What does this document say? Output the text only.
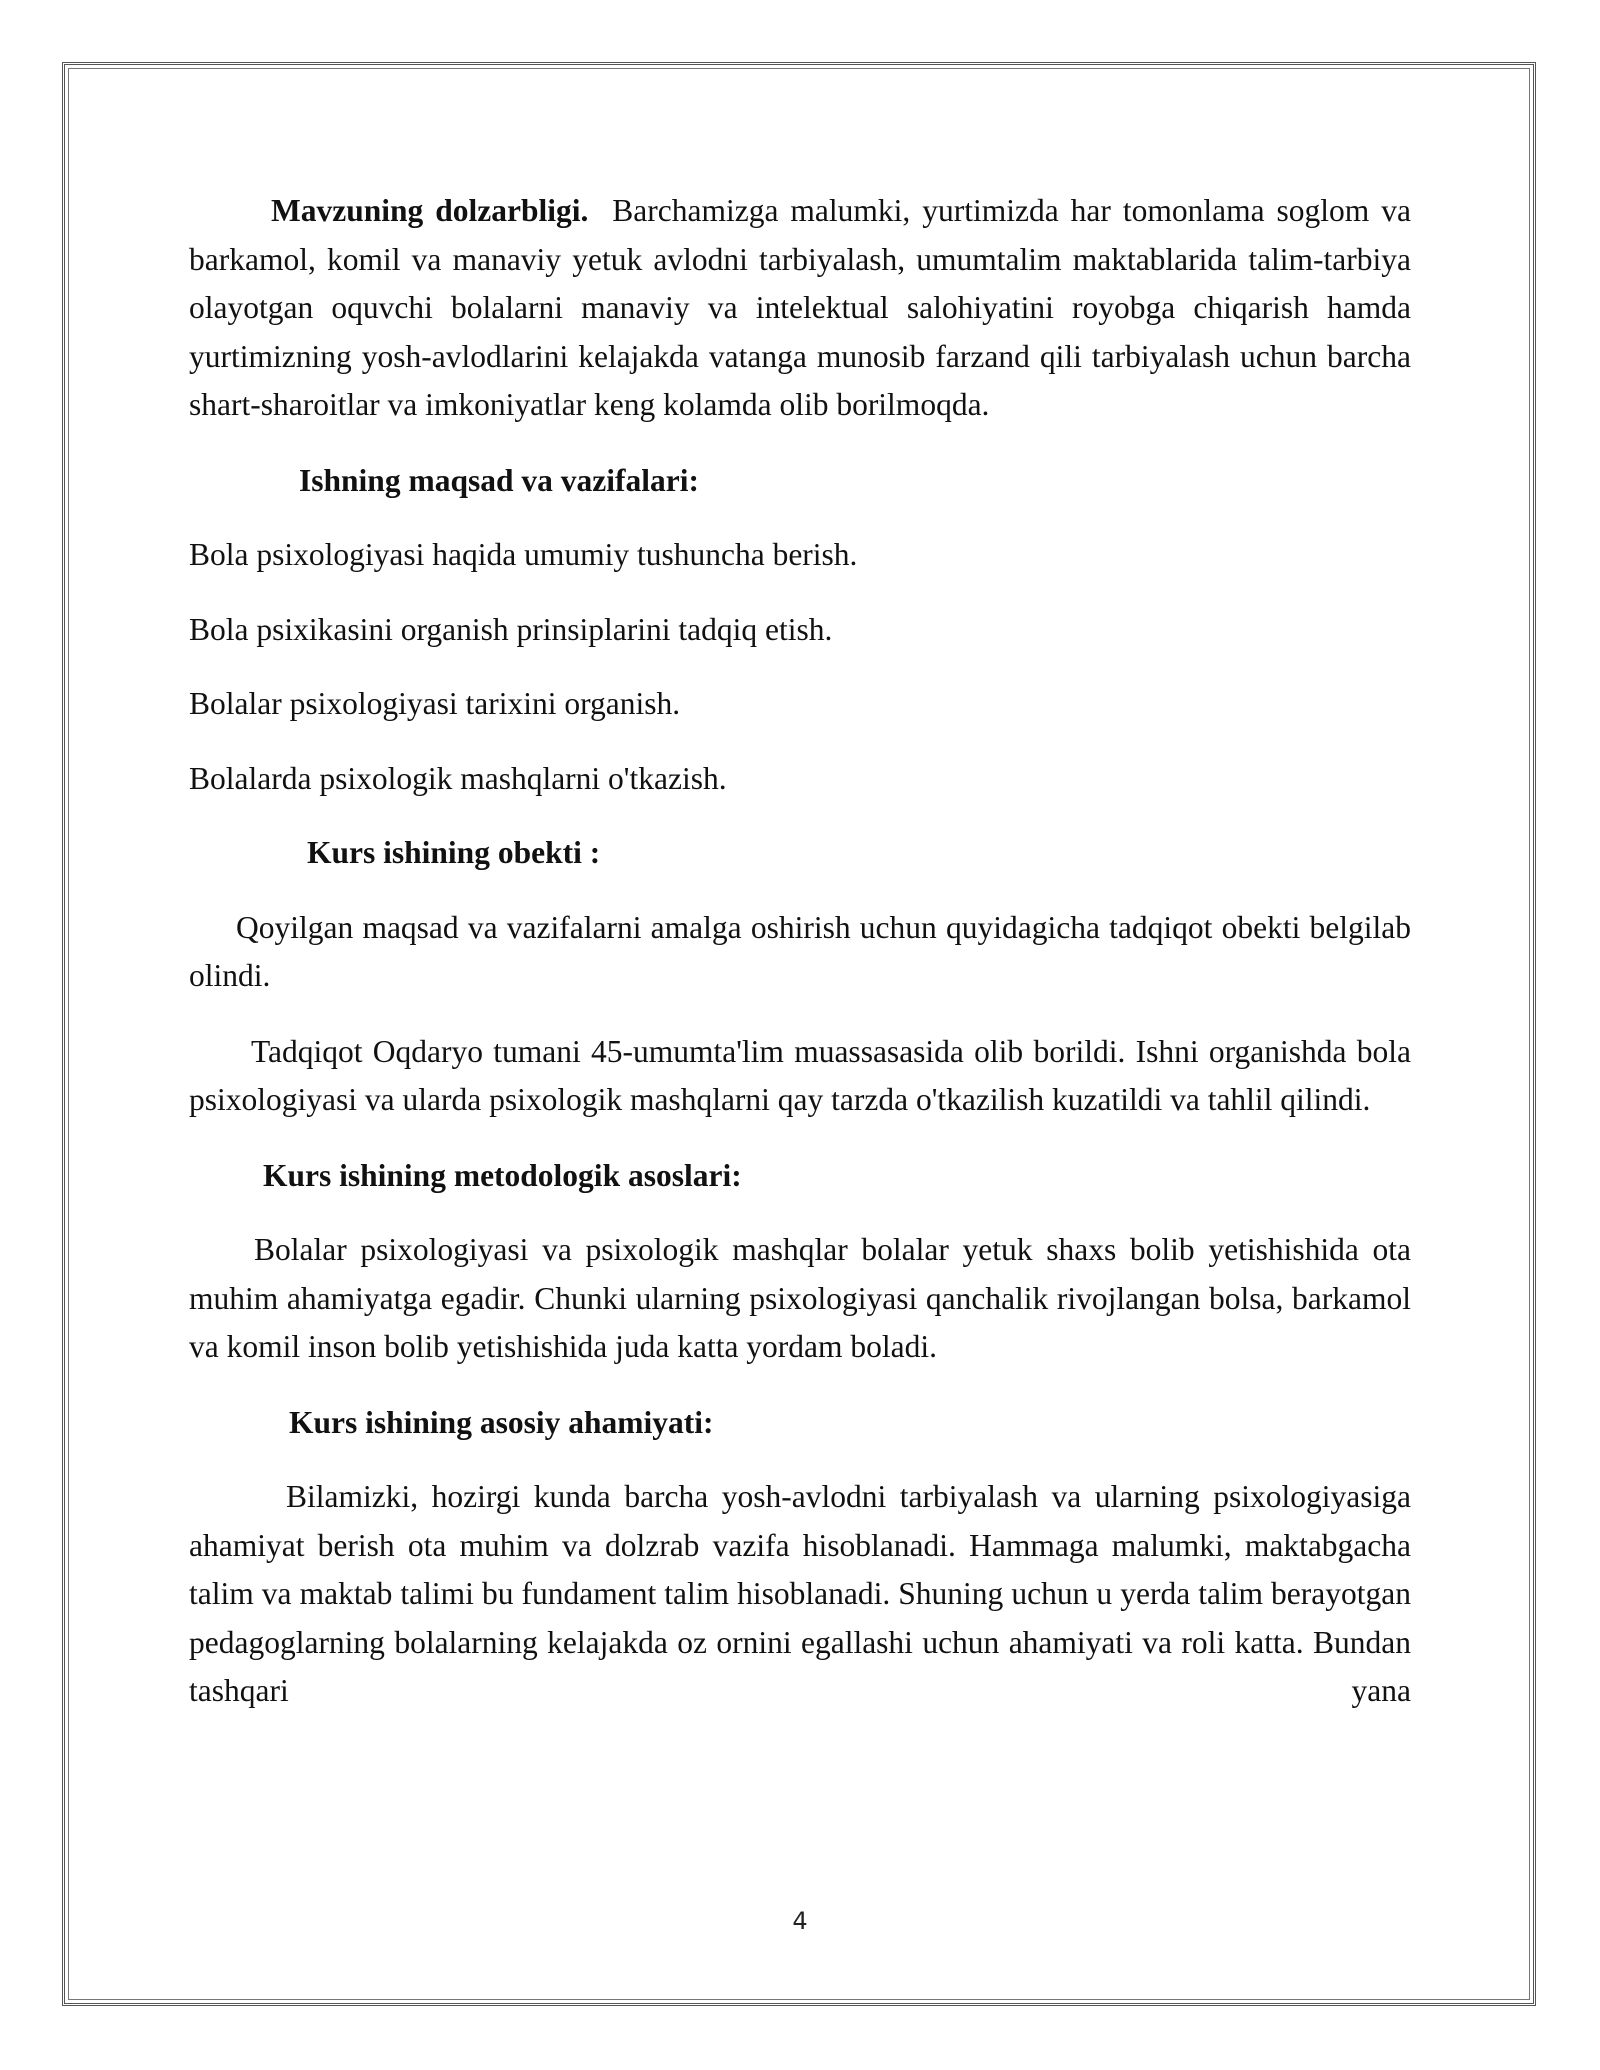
Mavzuning dolzarbligi.  Barchamizga malumki, yurtimizda har tomonlama soglom va barkamol, komil va manaviy yetuk avlodni tarbiyalash, umumtalim maktablarida talim-tarbiya olayotgan oquvchi bolalarni manaviy va intelektual salohiyatini royobga chiqarish hamda yurtimizning yosh-avlodlarini kelajakda vatanga munosib farzand qili tarbiyalash uchun barcha shart-sharoitlar va imkoniyatlar keng kolamda olib borilmoqda.

Ishning maqsad va vazifalari:

Bola psixologiyasi haqida umumiy tushuncha berish.

Bola psixikasini organish prinsiplarini tadqiq etish.

Bolalar psixologiyasi tarixini organish.

Bolalarda psixologik mashqlarni o'tkazish.

Kurs ishining obekti :

Qoyilgan maqsad va vazifalarni amalga oshirish uchun quyidagicha tadqiqot obekti belgilab olindi.

Tadqiqot Oqdaryo tumani 45-umumta'lim muassasasida olib borildi. Ishni organishda bola psixologiyasi va ularda psixologik mashqlarni qay tarzda o'tkazilish kuzatildi va tahlil qilindi.

Kurs ishining metodologik asoslari:

Bolalar psixologiyasi va psixologik mashqlar bolalar yetuk shaxs bolib yetishishida ota muhim ahamiyatga egadir. Chunki ularning psixologiyasi qanchalik rivojlangan bolsa, barkamol va komil inson bolib yetishishida juda katta yordam boladi.

Kurs ishining asosiy ahamiyati:

Bilamizki, hozirgi kunda barcha yosh-avlodni tarbiyalash va ularning psixologiyasiga ahamiyat berish ota muhim va dolzrab vazifa hisoblanadi. Hammaga malumki, maktabgacha talim va maktab talimi bu fundament talim hisoblanadi. Shuning uchun u yerda talim berayotgan pedagoglarning bolalarning kelajakda oz ornini egallashi uchun ahamiyati va roli katta. Bundan tashqari yana

4
